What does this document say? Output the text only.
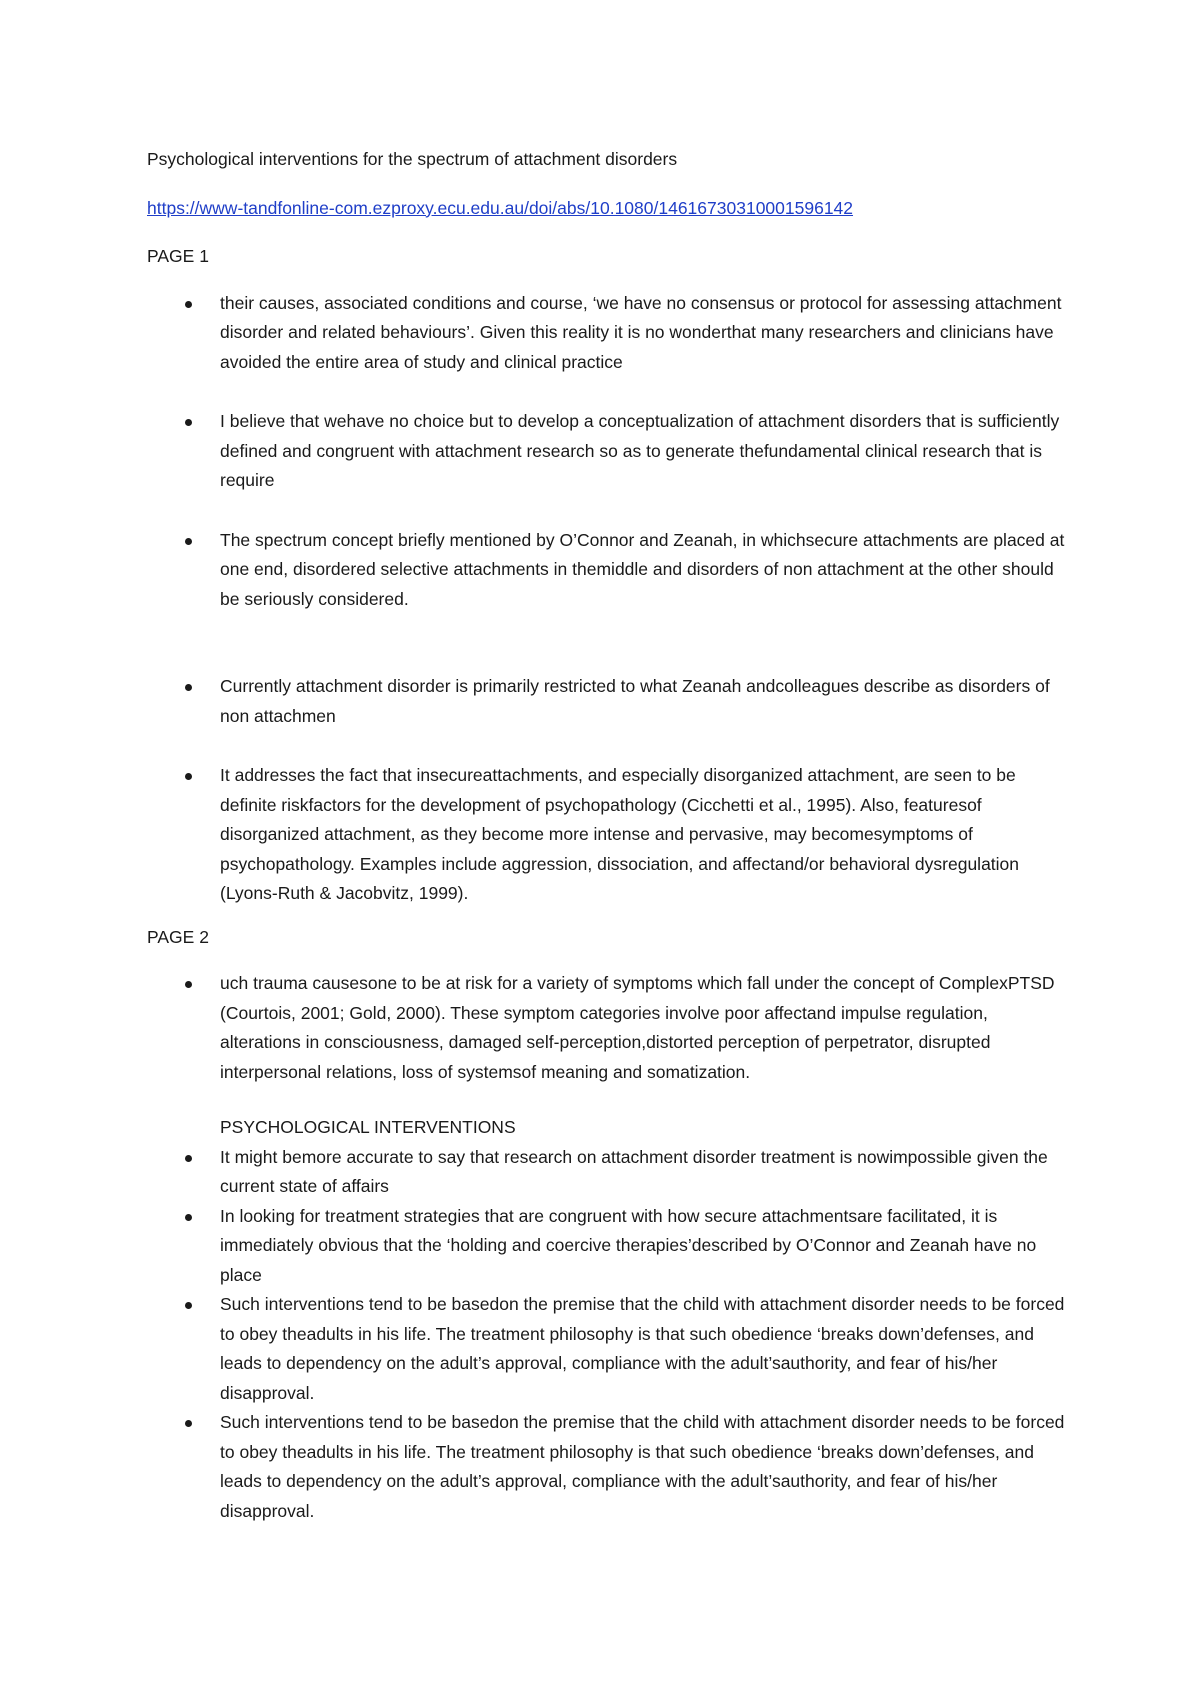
Psychological interventions for the spectrum of attachment disorders

https://www-tandfonline-com.ezproxy.ecu.edu.au/doi/abs/10.1080/14616730310001596142

PAGE 1

their causes, associated conditions and course, ‘we have no consensus or protocol for assessing attachment disorder and related behaviours’. Given this reality it is no wonderthat many researchers and clinicians have avoided the entire area of study and clinical practice
I believe that wehave no choice but to develop a conceptualization of attachment disorders that is sufficiently defined and congruent with attachment research so as to generate thefundamental clinical research that is require
The spectrum concept briefly mentioned by O’Connor and Zeanah, in whichsecure attachments are placed at one end, disordered selective attachments in themiddle and disorders of non attachment at the other should be seriously considered.
Currently attachment disorder is primarily restricted to what Zeanah andcolleagues describe as disorders of non attachmen
It addresses the fact that insecureattachments, and especially disorganized attachment, are seen to be definite riskfactors for the development of psychopathology (Cicchetti et al., 1995). Also, featuresof disorganized attachment, as they become more intense and pervasive, may becomesymptoms of psychopathology. Examples include aggression, dissociation, and affectand/or behavioral dysregulation (Lyons-Ruth & Jacobvitz, 1999).

PAGE 2

uch trauma causesone to be at risk for a variety of symptoms which fall under the concept of ComplexPTSD (Courtois, 2001; Gold, 2000). These symptom categories involve poor affectand impulse regulation, alterations in consciousness, damaged self-perception,distorted perception of perpetrator, disrupted interpersonal relations, loss of systemsof meaning and somatization.

PSYCHOLOGICAL INTERVENTIONS

It might bemore accurate to say that research on attachment disorder treatment is nowimpossible given the current state of affairs
In looking for treatment strategies that are congruent with how secure attachmentsare facilitated, it is immediately obvious that the ‘holding and coercive therapies’described by O’Connor and Zeanah have no place
Such interventions tend to be basedon the premise that the child with attachment disorder needs to be forced to obey theadults in his life. The treatment philosophy is that such obedience ‘breaks down’defenses, and leads to dependency on the adult’s approval, compliance with the adult’sauthority, and fear of his/her disapproval.
Such interventions tend to be basedon the premise that the child with attachment disorder needs to be forced to obey theadults in his life. The treatment philosophy is that such obedience ‘breaks down’defenses, and leads to dependency on the adult’s approval, compliance with the adult’sauthority, and fear of his/her disapproval.
